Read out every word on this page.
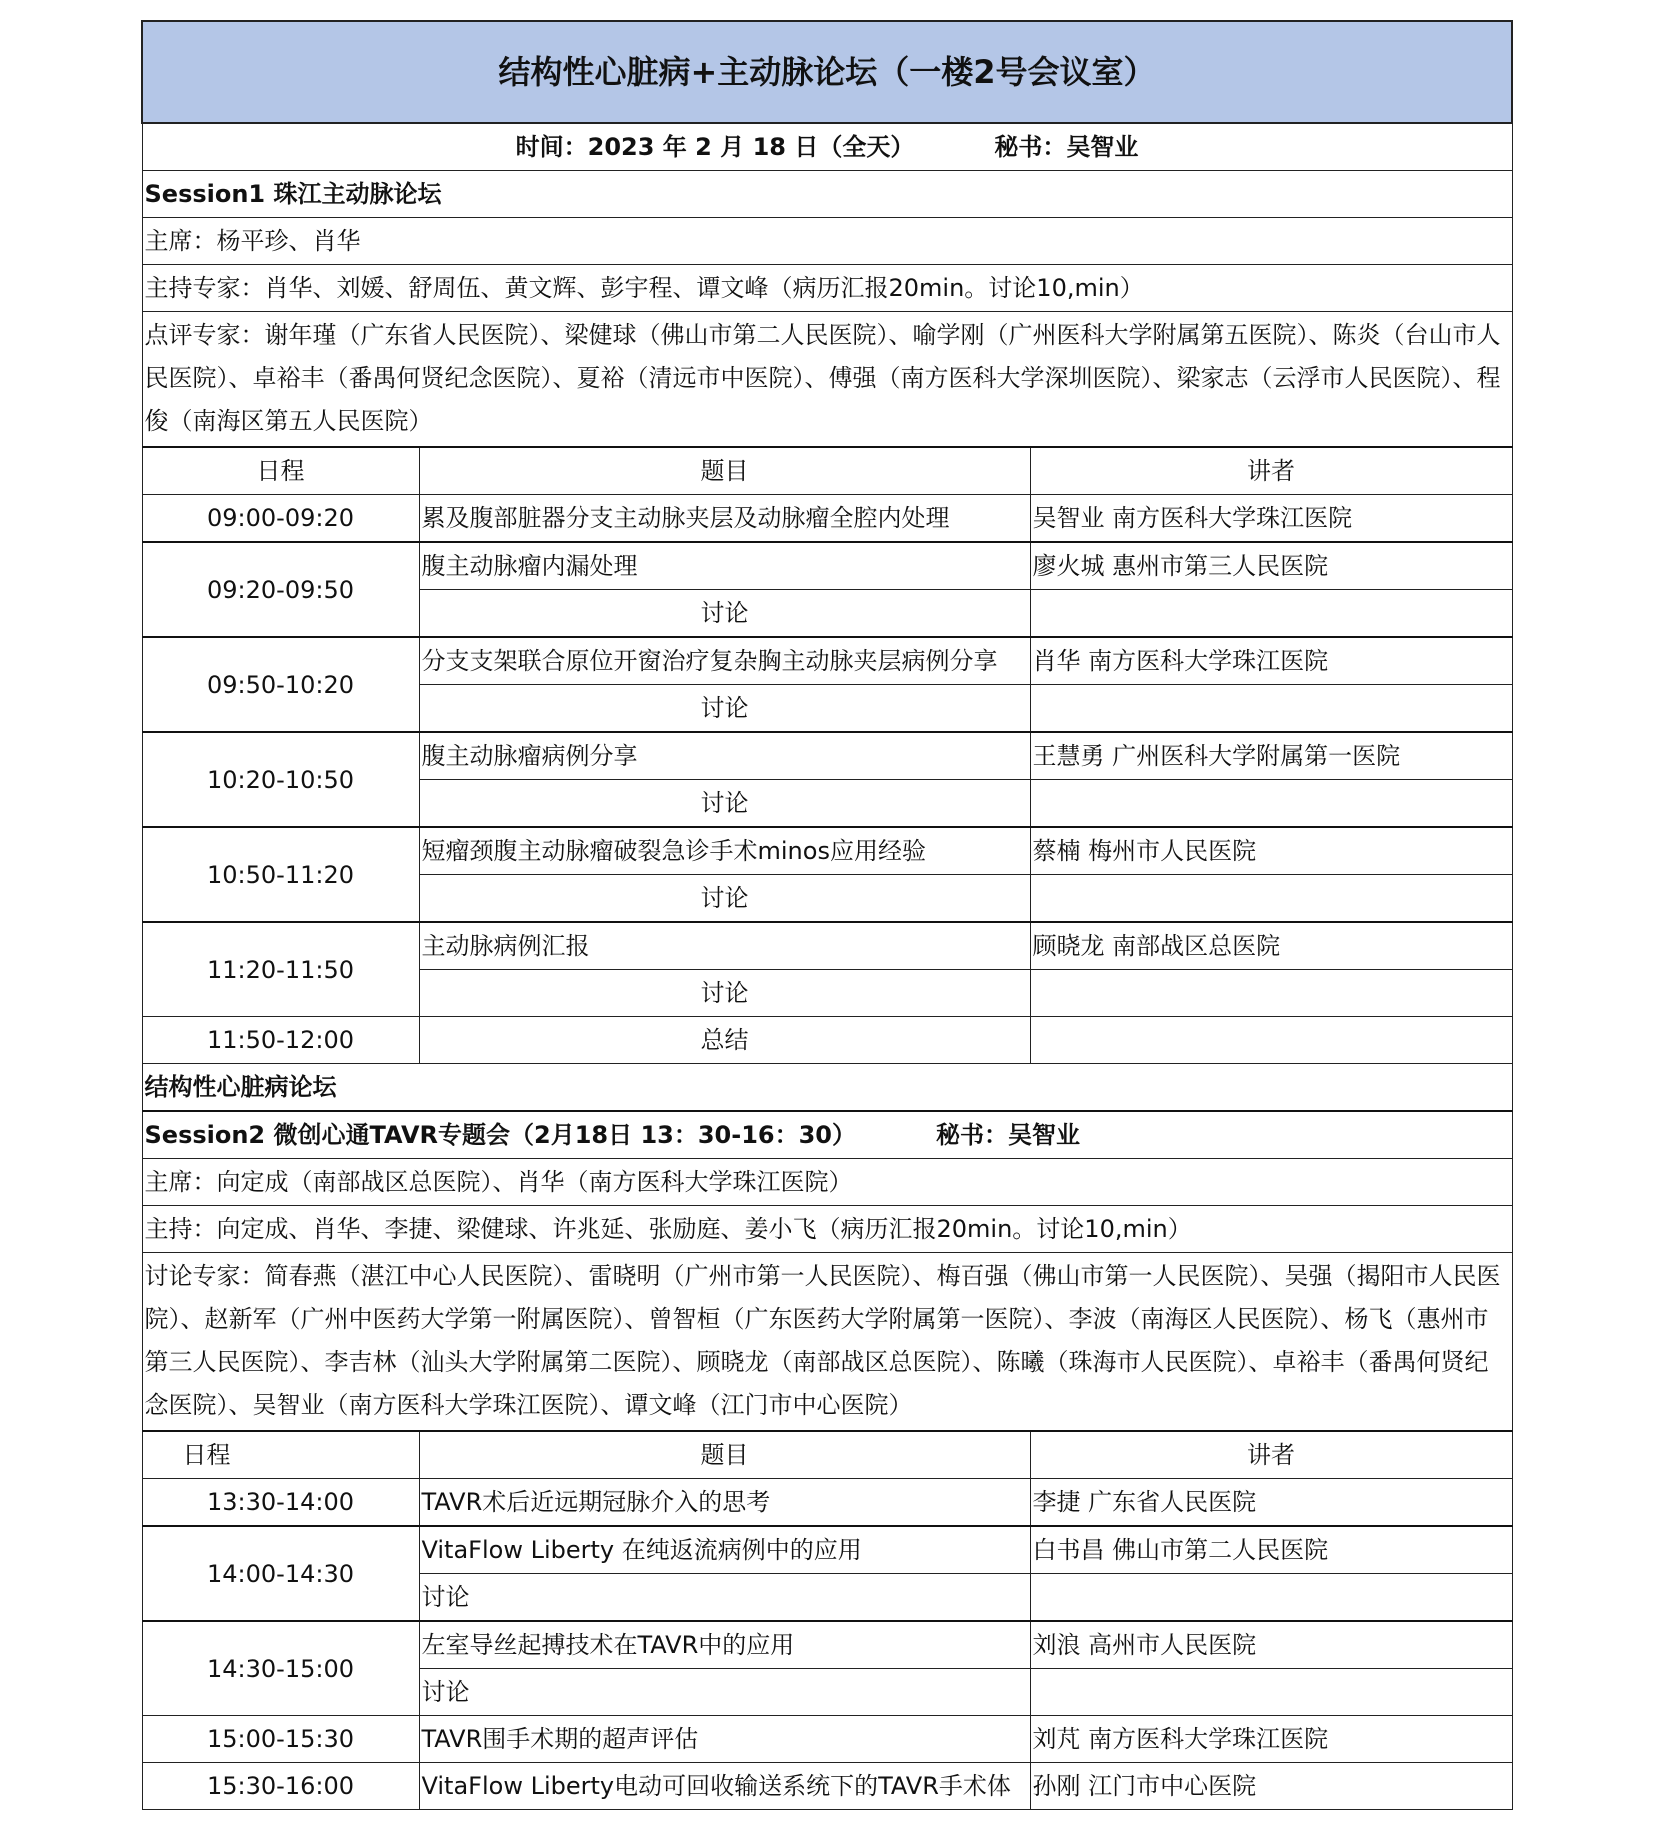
结构性心脏病+主动脉论坛（一楼2号会议室）		
时间：2023 年 2 月 18 日（全天） 秘书：吴智业		
Session1 珠江主动脉论坛		
主席：杨平珍、肖华		
主持专家：肖华、刘媛、舒周伍、黄文辉、彭宇程、谭文峰（病历汇报20min。讨论10,min）		
点评专家：谢年瑾（广东省人民医院）、梁健球（佛山市第二人民医院）、喻学刚（广州医科大学附属第五医院）、陈炎（台山市人民医院）、卓裕丰（番禺何贤纪念医院）、夏裕（清远市中医院）、傅强（南方医科大学深圳医院）、梁家志（云浮市人民医院）、程俊（南海区第五人民医院）		
日程	题目	讲者
09:00-09:20	累及腹部脏器分支主动脉夹层及动脉瘤全腔内处理	吴智业 南方医科大学珠江医院
09:20-09:50	腹主动脉瘤内漏处理	廖火城 惠州市第三人民医院
	讨论	
09:50-10:20	分支支架联合原位开窗治疗复杂胸主动脉夹层病例分享	肖华 南方医科大学珠江医院
	讨论	
10:20-10:50	腹主动脉瘤病例分享	王慧勇 广州医科大学附属第一医院
	讨论	
10:50-11:20	短瘤颈腹主动脉瘤破裂急诊手术minos应用经验	蔡楠 梅州市人民医院
	讨论	
11:20-11:50	主动脉病例汇报	顾晓龙 南部战区总医院
	讨论	
11:50-12:00	总结	
结构性心脏病论坛		
Session2 微创心通TAVR专题会（2月18日 13：30-16：30） 秘书：吴智业		
主席：向定成（南部战区总医院）、肖华（南方医科大学珠江医院）		
主持：向定成、肖华、李捷、梁健球、许兆延、张励庭、姜小飞（病历汇报20min。讨论10,min）		
讨论专家：简春燕（湛江中心人民医院）、雷晓明（广州市第一人民医院）、梅百强（佛山市第一人民医院）、吴强（揭阳市人民医院）、赵新军（广州中医药大学第一附属医院）、曾智桓（广东医药大学附属第一医院）、李波（南海区人民医院）、杨飞（惠州市第三人民医院）、李吉林（汕头大学附属第二医院）、顾晓龙（南部战区总医院）、陈曦（珠海市人民医院）、卓裕丰（番禺何贤纪念医院）、吴智业（南方医科大学珠江医院）、谭文峰（江门市中心医院）		
日程	题目	讲者
13:30-14:00	TAVR术后近远期冠脉介入的思考	李捷 广东省人民医院
14:00-14:30	VitaFlow Liberty 在纯返流病例中的应用	白书昌 佛山市第二人民医院
	讨论	
14:30-15:00	左室导丝起搏技术在TAVR中的应用	刘浪 高州市人民医院
	讨论	
15:00-15:30	TAVR围手术期的超声评估	刘芃 南方医科大学珠江医院
15:30-16:00	VitaFlow Liberty电动可回收输送系统下的TAVR手术体	孙刚 江门市中心医院
